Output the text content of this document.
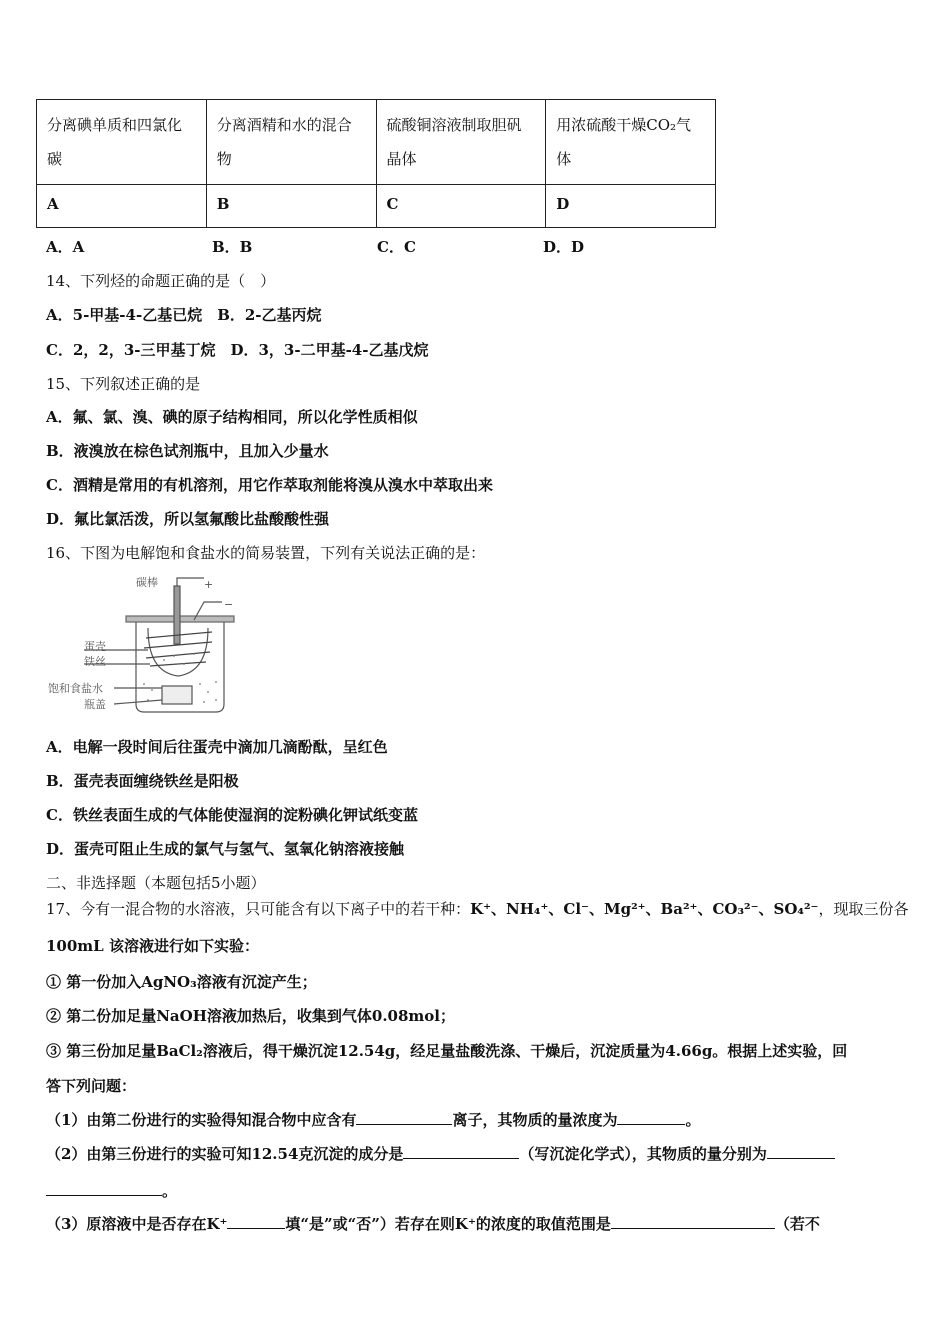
分离碘单质和四氯化碳	分离酒精和水的混合物	硫酸铜溶液制取胆矾晶体	用浓硫酸干燥CO₂气体
A	B	C	D
A．A	B．B	C．C	D．D
14、下列烃的命题正确的是（　）
A．5-甲基-4-乙基已烷　B．2-乙基丙烷
C．2，2，3-三甲基丁烷　D．3，3-二甲基-4-乙基戊烷
15、下列叙述正确的是
A．氟、氯、溴、碘的原子结构相同，所以化学性质相似
B．液溴放在棕色试剂瓶中，且加入少量水
C．酒精是常用的有机溶剂，用它作萃取剂能将溴从溴水中萃取出来
D．氟比氯活泼，所以氢氟酸比盐酸酸性强
16、下图为电解饱和食盐水的简易装置，下列有关说法正确的是：
碳棒	+
−
蛋壳
铁丝
饱和食盐水
瓶盖
A．电解一段时间后往蛋壳中滴加几滴酚酞，呈红色
B．蛋壳表面缠绕铁丝是阳极
C．铁丝表面生成的气体能使湿润的淀粉碘化钾试纸变蓝
D．蛋壳可阻止生成的氯气与氢气、氢氧化钠溶液接触
二、非选择题（本题包括5小题）
17、今有一混合物的水溶液，只可能含有以下离子中的若干种：K⁺、NH₄⁺、Cl⁻、Mg²⁺、Ba²⁺、CO₃²⁻、SO₄²⁻，现取三份各
100mL 该溶液进行如下实验：
① 第一份加入AgNO₃溶液有沉淀产生；
② 第二份加足量NaOH溶液加热后，收集到气体0.08mol；
③ 第三份加足量BaCl₂溶液后，得干燥沉淀12.54g，经足量盐酸洗涤、干燥后，沉淀质量为4.66g。根据上述实验，回
答下列问题：
（1）由第二份进行的实验得知混合物中应含有	离子，其物质的量浓度为	。
（2）由第三份进行的实验可知12.54克沉淀的成分是	（写沉淀化学式），其物质的量分别为
。
（3）原溶液中是否存在K⁺	填“是”或“否”）若存在则K⁺的浓度的取值范围是	（若不
